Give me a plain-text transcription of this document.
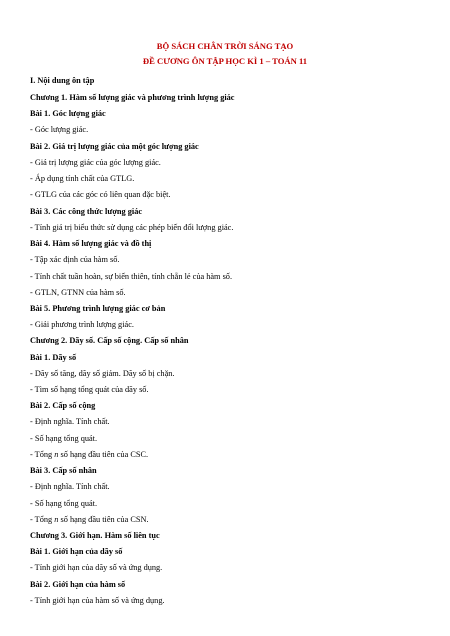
BỘ SÁCH CHÂN TRỜI SÁNG TẠO
ĐỀ CƯƠNG ÔN TẬP HỌC KÌ 1 – TOÁN 11
I. Nội dung ôn tập
Chương 1. Hàm số lượng giác và phương trình lượng giác
Bài 1. Góc lượng giác
- Góc lượng giác.
Bài 2. Giá trị lượng giác của một góc lượng giác
- Giá trị lượng giác của góc lượng giác.
- Áp dụng tính chất của GTLG.
- GTLG của các góc có liên quan đặc biệt.
Bài 3. Các công thức lượng giác
- Tính giá trị biểu thức sử dụng các phép biến đổi lượng giác.
Bài 4. Hàm số lượng giác và đồ thị
- Tập xác định của hàm số.
- Tính chất tuần hoàn, sự biến thiên, tính chẵn lẻ của hàm số.
- GTLN, GTNN của hàm số.
Bài 5. Phương trình lượng giác cơ bản
- Giải phương trình lượng giác.
Chương 2. Dãy số. Cấp số cộng. Cấp số nhân
Bài 1. Dãy số
- Dãy số tăng, dãy số giảm. Dãy số bị chặn.
- Tìm số hạng tổng quát của dãy số.
Bài 2. Cấp số cộng
- Định nghĩa. Tính chất.
- Số hạng tổng quát.
- Tổng n số hạng đầu tiên của CSC.
Bài 3. Cấp số nhân
- Định nghĩa. Tính chất.
- Số hạng tổng quát.
- Tổng n số hạng đầu tiên của CSN.
Chương 3. Giới hạn. Hàm số liên tục
Bài 1. Giới hạn của dãy số
- Tính giới hạn của dãy số và ứng dụng.
Bài 2. Giới hạn của hàm số
- Tính giới hạn của hàm số và ứng dụng.
